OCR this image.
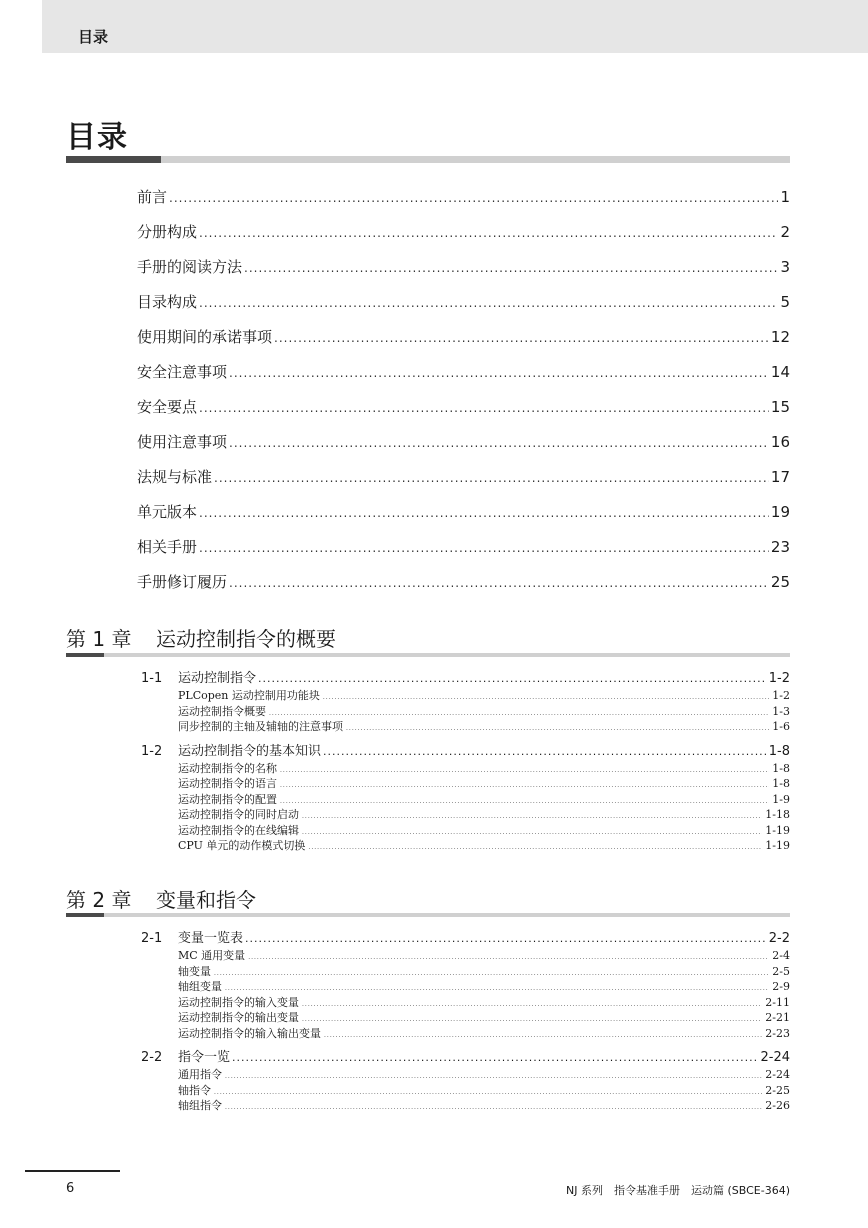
目录
目录
前言 .....	1
分册构成 .....	2
手册的阅读方法 .....	3
目录构成 .....	5
使用期间的承诺事项 .....	12
安全注意事项 .....	14
安全要点 .....	15
使用注意事项 .....	16
法规与标准 .....	17
单元版本 .....	19
相关手册 .....	23
手册修订履历 .....	25
第 1 章 运动控制指令的概要
1-1	运动控制指令 .....	1-2
PLCopen 运动控制用功能块 .....	1-2
运动控制指令概要 .....	1-3
同步控制的主轴及辅轴的注意事项 .....	1-6
1-2	运动控制指令的基本知识 .....	1-8
运动控制指令的名称 .....	1-8
运动控制指令的语言 .....	1-8
运动控制指令的配置 .....	1-9
运动控制指令的同时启动 .....	1-18
运动控制指令的在线编辑 .....	1-19
CPU 单元的动作模式切换 .....	1-19
第 2 章 变量和指令
2-1	变量一览表 .....	2-2
MC 通用变量 .....	2-4
轴变量 .....	2-5
轴组变量 .....	2-9
运动控制指令的输入变量 .....	2-11
运动控制指令的输出变量 .....	2-21
运动控制指令的输入输出变量 .....	2-23
2-2	指令一览 .....	2-24
通用指令 .....	2-24
轴指令 .....	2-25
轴组指令 .....	2-26
6	NJ 系列　指令基准手册　运动篇 (SBCE-364)
